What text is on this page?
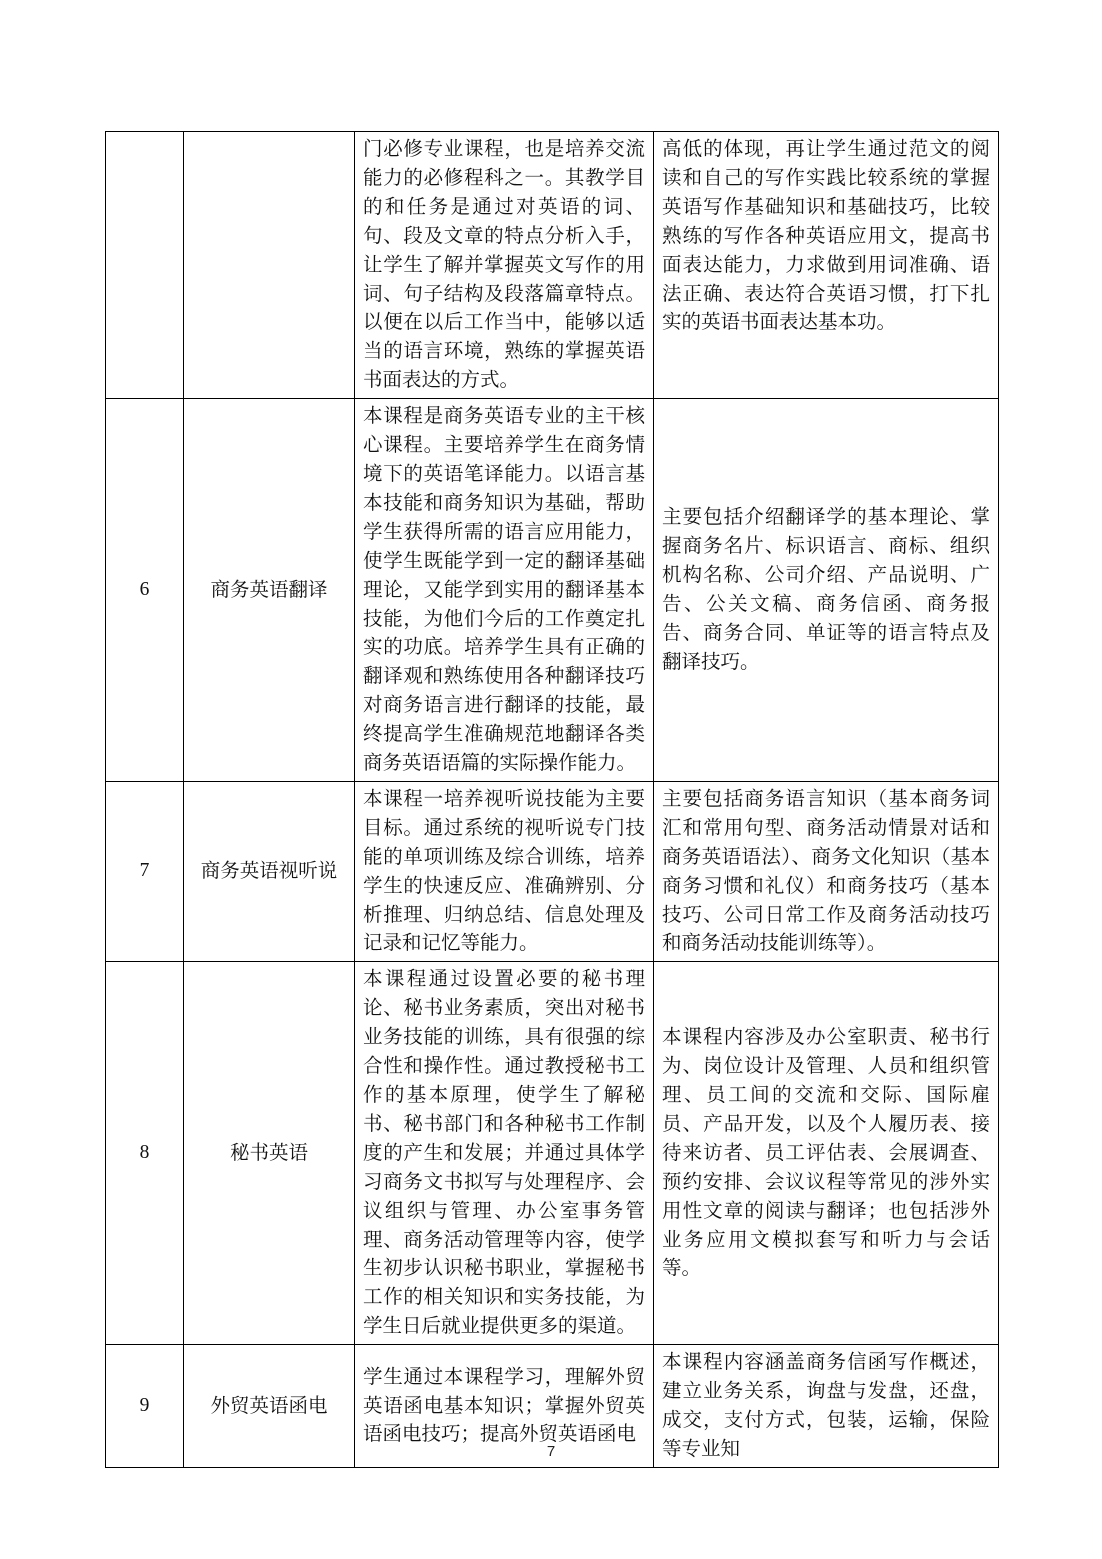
		门必修专业课程，也是培养交流能力的必修程科之一。其教学目的和任务是通过对英语的词、句、段及文章的特点分析入手，让学生了解并掌握英文写作的用词、句子结构及段落篇章特点。以便在以后工作当中，能够以适当的语言环境，熟练的掌握英语书面表达的方式。	高低的体现，再让学生通过范文的阅读和自己的写作实践比较系统的掌握英语写作基础知识和基础技巧，比较熟练的写作各种英语应用文，提高书面表达能力，力求做到用词准确、语法正确、表达符合英语习惯，打下扎实的英语书面表达基本功。
6	商务英语翻译	本课程是商务英语专业的主干核心课程。主要培养学生在商务情境下的英语笔译能力。以语言基本技能和商务知识为基础，帮助学生获得所需的语言应用能力，使学生既能学到一定的翻译基础理论，又能学到实用的翻译基本技能，为他们今后的工作奠定扎实的功底。培养学生具有正确的翻译观和熟练使用各种翻译技巧对商务语言进行翻译的技能，最终提高学生准确规范地翻译各类商务英语语篇的实际操作能力。	主要包括介绍翻译学的基本理论、掌握商务名片、标识语言、商标、组织机构名称、公司介绍、产品说明、广告、公关文稿、商务信函、商务报告、商务合同、单证等的语言特点及翻译技巧。
7	商务英语视听说	本课程一培养视听说技能为主要目标。通过系统的视听说专门技能的单项训练及综合训练，培养学生的快速反应、准确辨别、分析推理、归纳总结、信息处理及记录和记忆等能力。	主要包括商务语言知识（基本商务词汇和常用句型、商务活动情景对话和商务英语语法）、商务文化知识（基本商务习惯和礼仪）和商务技巧（基本技巧、公司日常工作及商务活动技巧和商务活动技能训练等）。
8	秘书英语	本课程通过设置必要的秘书理论、秘书业务素质，突出对秘书业务技能的训练，具有很强的综合性和操作性。通过教授秘书工作的基本原理，使学生了解秘书、秘书部门和各种秘书工作制度的产生和发展；并通过具体学习商务文书拟写与处理程序、会议组织与管理、办公室事务管理、商务活动管理等内容，使学生初步认识秘书职业，掌握秘书工作的相关知识和实务技能，为学生日后就业提供更多的渠道。	本课程内容涉及办公室职责、秘书行为、岗位设计及管理、人员和组织管理、员工间的交流和交际、国际雇员、产品开发，以及个人履历表、接待来访者、员工评估表、会展调查、预约安排、会议议程等常见的涉外实用性文章的阅读与翻译；也包括涉外业务应用文模拟套写和听力与会话等。
9	外贸英语函电	学生通过本课程学习，理解外贸英语函电基本知识；掌握外贸英语函电技巧；提高外贸英语函电	本课程内容涵盖商务信函写作概述，建立业务关系，询盘与发盘，还盘，成交，支付方式，包装，运输，保险等专业知
7
